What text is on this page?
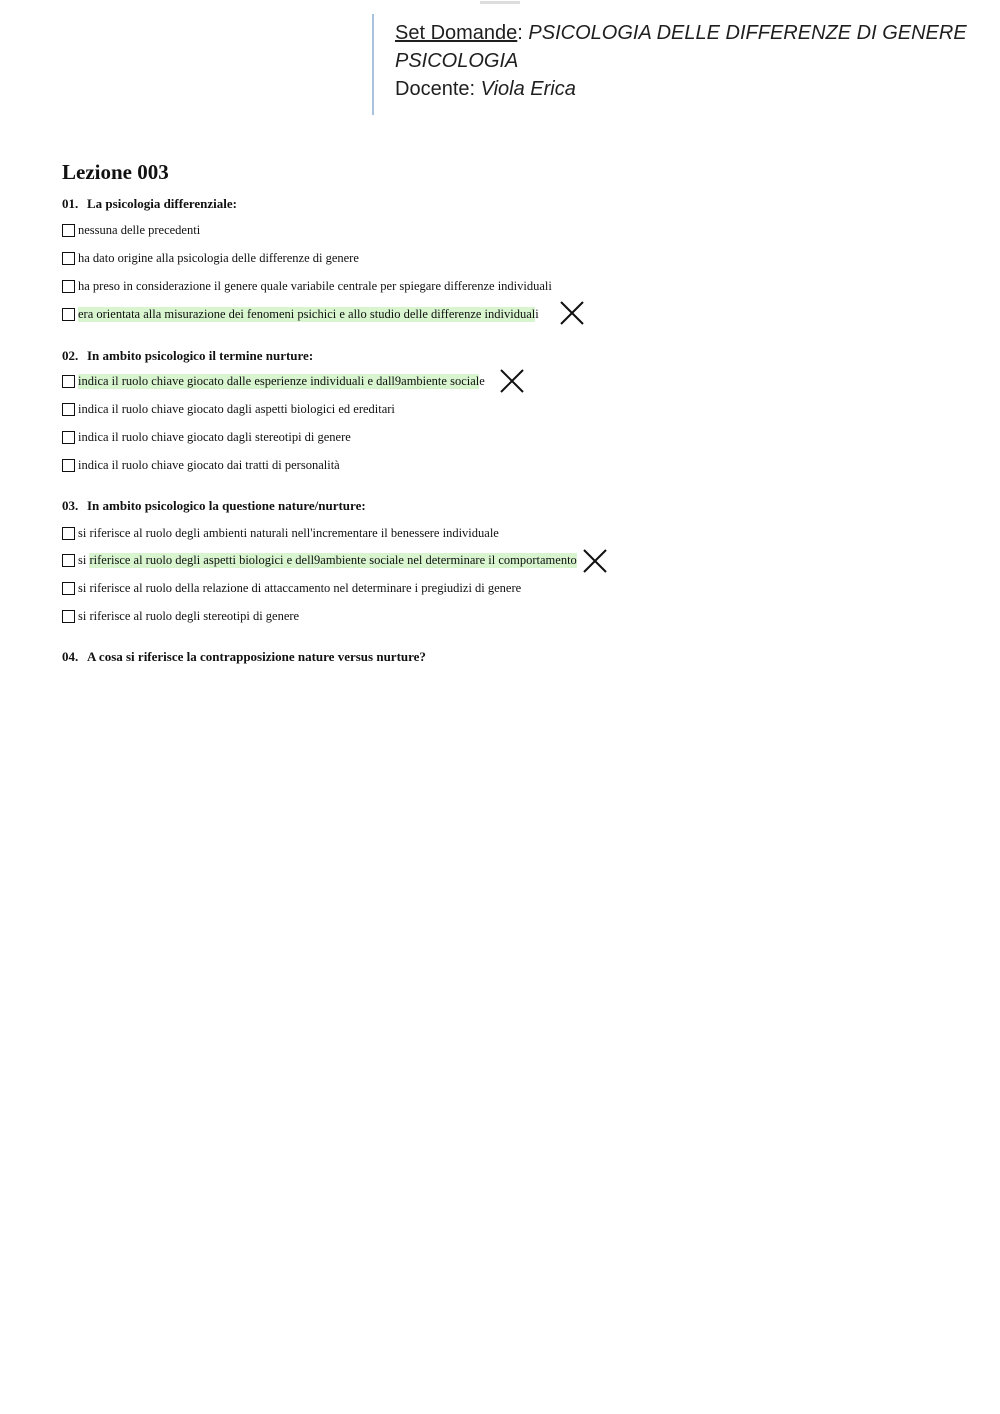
Set Domande: PSICOLOGIA DELLE DIFFERENZE DI GENERE
PSICOLOGIA
Docente: Viola Erica
Lezione 003
01. La psicologia differenziale:
nessuna delle precedenti
ha dato origine alla psicologia delle differenze di genere
ha preso in considerazione il genere quale variabile centrale per spiegare differenze individuali
era orientata alla misurazione dei fenomeni psichici e allo studio delle differenze individual i
02. In ambito psicologico il termine nurture:
indica il ruolo chiave giocato dalle esperienze individuali e dall9ambiente social e
indica il ruolo chiave giocato dagli aspetti biologici ed ereditari
indica il ruolo chiave giocato dagli stereotipi di genere
indica il ruolo chiave giocato dai tratti di personalità
03. In ambito psicologico la questione nature/nurture:
si riferisce al ruolo degli ambienti naturali nell'incrementare il benessere individuale
si riferisce al ruolo degli aspetti biologici e dell9ambiente sociale nel determinare il comportamento
si riferisce al ruolo della relazione di attaccamento nel determinare i pregiudizi di genere
si riferisce al ruolo degli stereotipi di genere
04. A cosa si riferisce la contrapposizione nature versus nurture?
